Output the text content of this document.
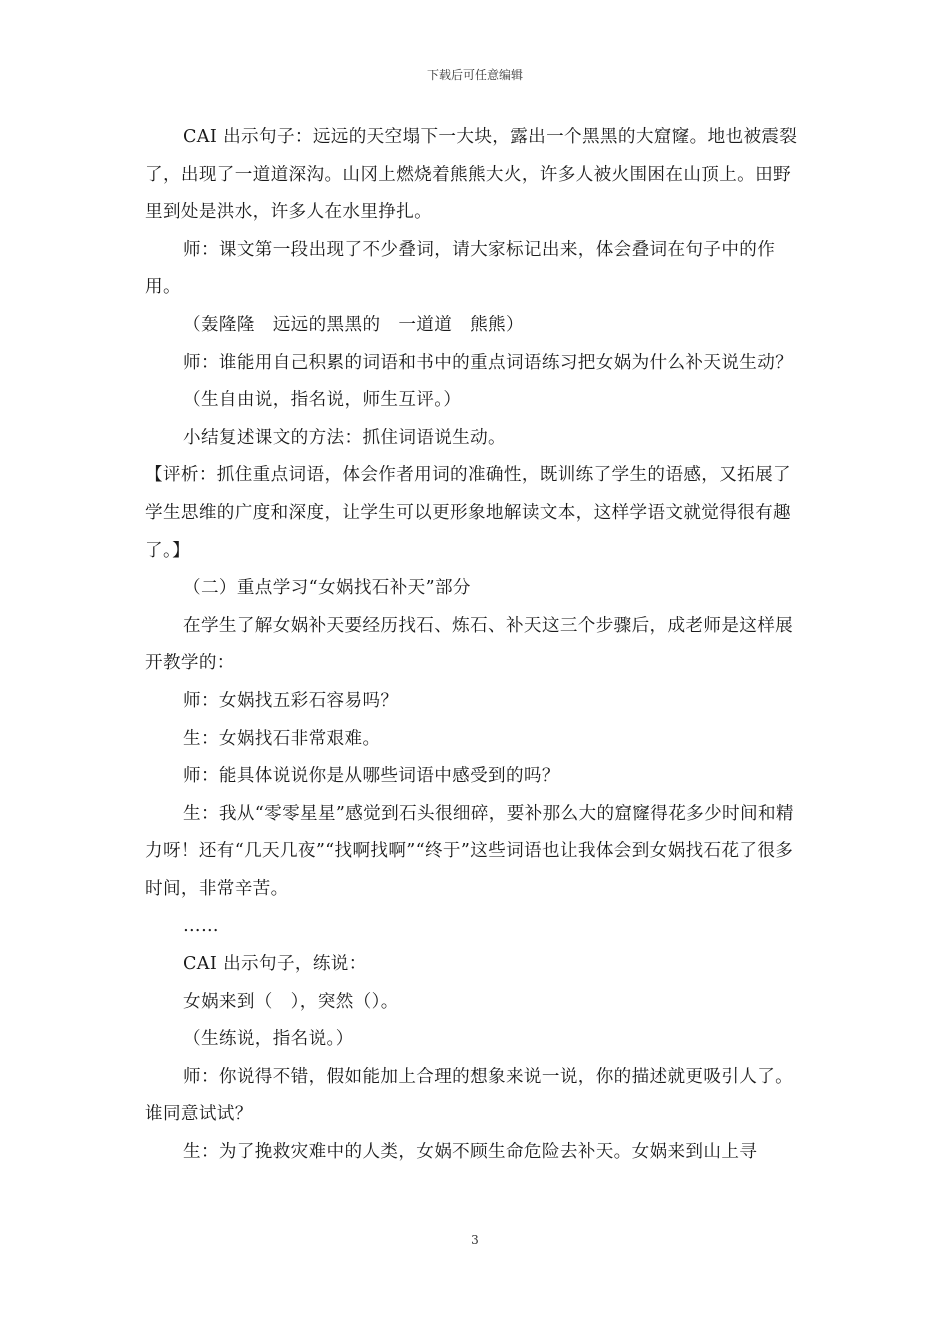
下载后可任意编辑

CAI 出示句子：远远的天空塌下一大块，露出一个黑黑的大窟窿。地也被震裂了，出现了一道道深沟。山冈上燃烧着熊熊大火，许多人被火围困在山顶上。田野里到处是洪水，许多人在水里挣扎。

师：课文第一段出现了不少叠词，请大家标记出来，体会叠词在句子中的作用。

（轰隆隆　远远的黑黑的　一道道　熊熊）

师：谁能用自己积累的词语和书中的重点词语练习把女娲为什么补天说生动？

（生自由说，指名说，师生互评。）

小结复述课文的方法：抓住词语说生动。

【评析：抓住重点词语，体会作者用词的准确性，既训练了学生的语感，又拓展了学生思维的广度和深度，让学生可以更形象地解读文本，这样学语文就觉得很有趣了。】

（二）重点学习“女娲找石补天”部分

在学生了解女娲补天要经历找石、炼石、补天这三个步骤后，成老师是这样展开教学的：

师：女娲找五彩石容易吗？

生：女娲找石非常艰难。

师：能具体说说你是从哪些词语中感受到的吗？

生：我从“零零星星”感觉到石头很细碎，要补那么大的窟窿得花多少时间和精力呀！还有“几天几夜”“找啊找啊”“终于”这些词语也让我体会到女娲找石花了很多时间，非常辛苦。

……

CAI 出示句子，练说：

女娲来到（　），突然（）。

（生练说，指名说。）

师：你说得不错，假如能加上合理的想象来说一说，你的描述就更吸引人了。谁同意试试？

生：为了挽救灾难中的人类，女娲不顾生命危险去补天。女娲来到山上寻

3
